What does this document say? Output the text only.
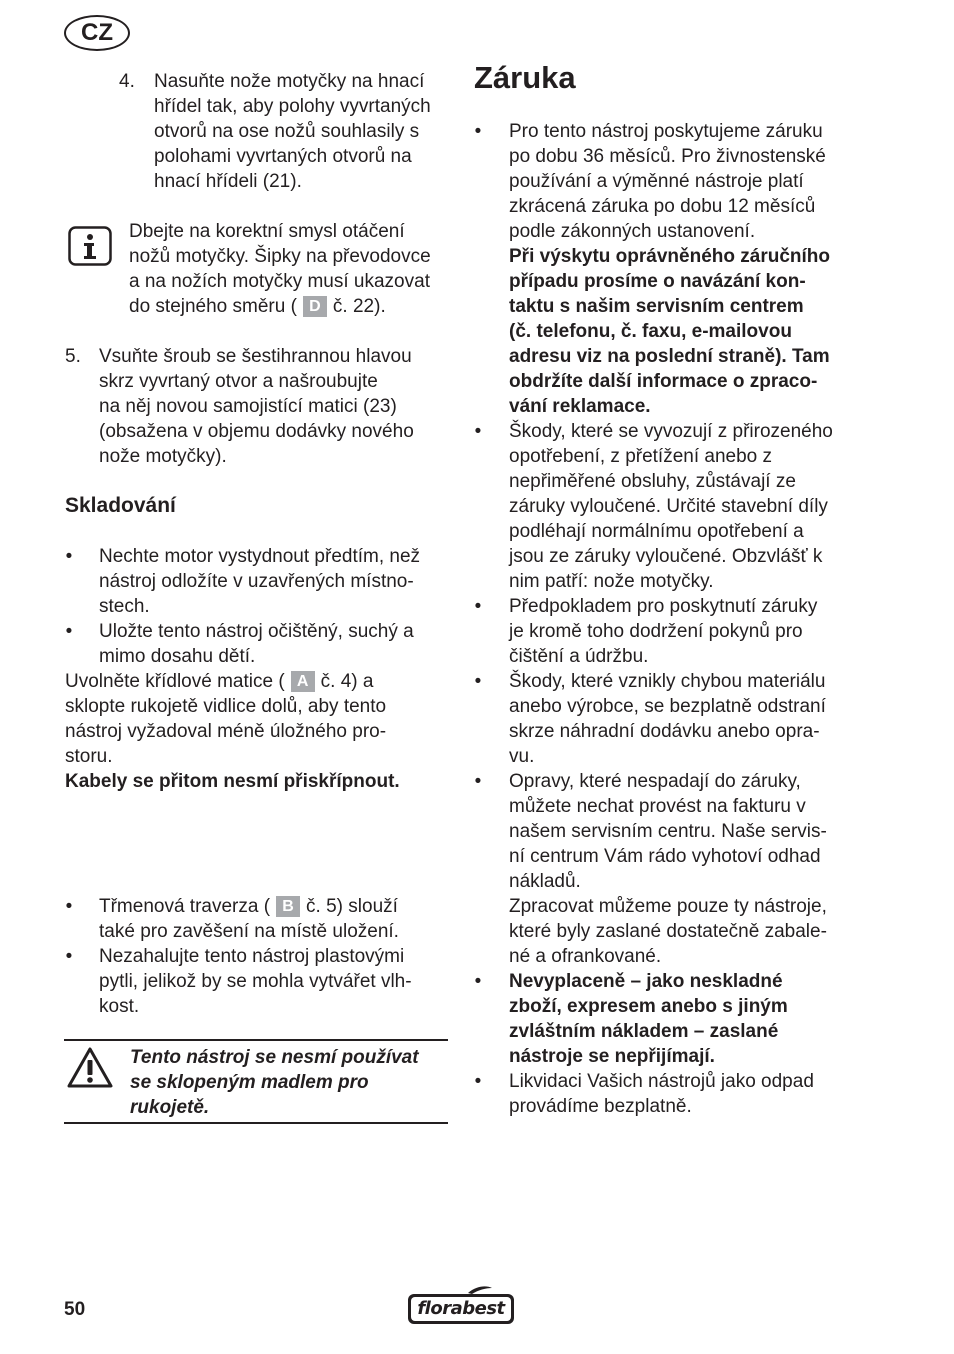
CZ
4. Nasuňte nože motyčky na hnací
hřídel tak, aby polohy vyvrtaných
otvorů na ose nožů souhlasily s
polohami vyvrtaných otvorů na
hnací hřídeli (21).
Dbejte na korektní smysl otáčení
nožů motyčky. Šipky na převodovce
a na nožích motyčky musí ukazovat
do stejného směru ( D č. 22).
5. Vsuňte šroub se šestihrannou hlavou
skrz vyvrtaný otvor a našroubujte
na něj novou samojistící matici (23)
(obsažena v objemu dodávky nového
nože motyčky).
Skladování
• Nechte motor vystydnout předtím, než
nástroj odložíte v uzavřených místno-
stech.
• Uložte tento nástroj očištěný, suchý a
mimo dosahu dětí.
Uvolněte křídlové matice ( A č. 4) a
sklopte rukojetě vidlice dolů, aby tento
nástroj vyžadoval méně úložného pro-
storu.
Kabely se přitom nesmí přiskřípnout.
• Třmenová traverza ( B č. 5) slouží
také pro zavěšení na místě uložení.
• Nezahalujte tento nástroj plastovými
pytli, jelikož by se mohla vytvářet vlh-
kost.
Tento nástroj se nesmí používat
se sklopeným madlem pro
rukojetě.
Záruka
• Pro tento nástroj poskytujeme záruku
po dobu 36 měsíců. Pro živnostenské
používání a výměnné nástroje platí
zkrácená záruka po dobu 12 měsíců
podle zákonných ustanovení.
Při výskytu oprávněného záručního
případu prosíme o navázání kon-
taktu s našim servisním centrem
(č. telefonu, č. faxu, e-mailovou
adresu viz na poslední straně). Tam
obdržíte další informace o zpraco-
vání reklamace.
• Škody, které se vyvozují z přirozeného
opotřebení, z přetížení anebo z
nepřiměřené obsluhy, zůstávají ze
záruky vyloučené. Určité stavební díly
podléhají normálnímu opotřebení a
jsou ze záruky vyloučené. Obzvlášť k
nim patří: nože motyčky.
• Předpokladem pro poskytnutí záruky
je kromě toho dodržení pokynů pro
čištění a údržbu.
• Škody, které vznikly chybou materiálu
anebo výrobce, se bezplatně odstraní
skrze náhradní dodávku anebo opra-
vu.
• Opravy, které nespadají do záruky,
můžete nechat provést na fakturu v
našem servisním centru. Naše servis-
ní centrum Vám rádo vyhotoví odhad
nákladů.
Zpracovat můžeme pouze ty nástroje,
které byly zaslané dostatečně zabale-
né a ofrankované.
• Nevyplaceně – jako neskladné
zboží, expresem anebo s jiným
zvláštním nákladem – zaslané
nástroje se nepřijímají.
• Likvidaci Vašich nástrojů jako odpad
provádíme bezplatně.
50	florabest
